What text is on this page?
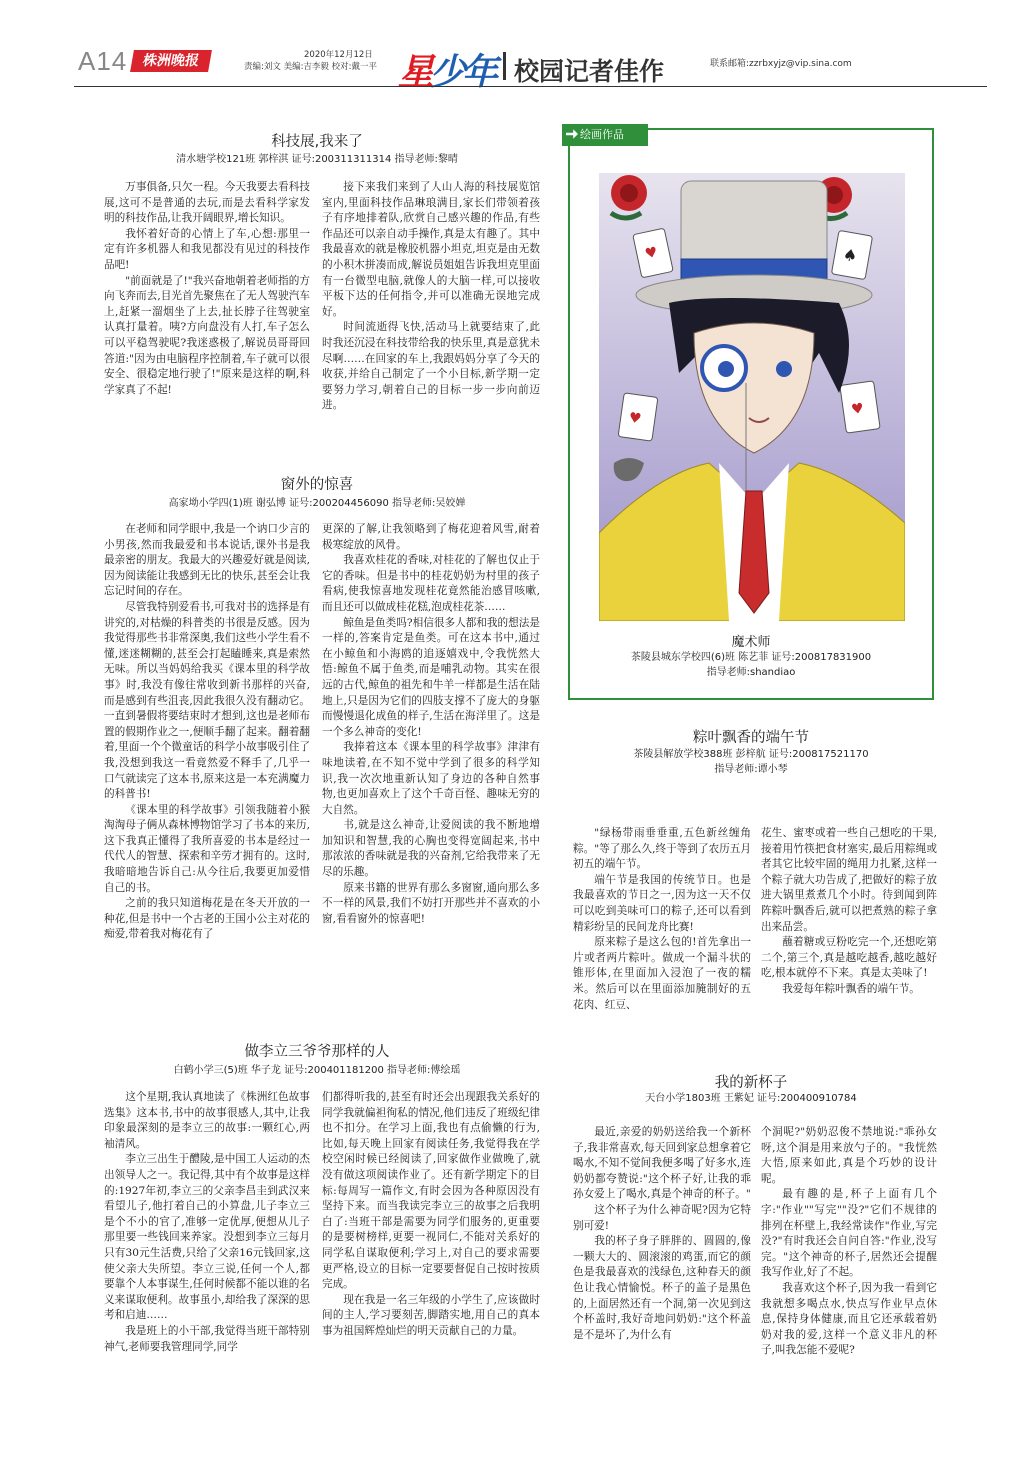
A14	株洲晚报	2020年12月12日
责编:刘文 美编:吉李毅 校对:戴一平 星少年 校园记者佳作	联系邮箱:zzrbxyjz@vip.sina.com
科技展,我来了
清水塘学校121班 郭梓淇 证号:200311311314 指导老师:黎晴

万事俱备,只欠一程。今天我要去看科技展,这可不是普通的去玩,而是去看科学家发明的科技作品,让我开阔眼界,增长知识。

我怀着好奇的心情上了车,心想:那里一定有许多机器人和我见都没有见过的科技作品吧!

"前面就是了!"我兴奋地朝着老师指的方向飞奔而去,目光首先聚焦在了无人驾驶汽车上,赶紧一溜烟坐了上去,扯长脖子往驾驶室认真打量着。咦?方向盘没有人打,车子怎么可以平稳驾驶呢?我迷惑极了,解说员哥哥回答道:"因为由电脑程序控制着,车子就可以很安全、很稳定地行驶了!"原来是这样的啊,科学家真了不起!

接下来我们来到了人山人海的科技展览馆室内,里面科技作品琳琅满目,家长们带领着孩子有序地排着队,欣赏自己感兴趣的作品,有些作品还可以亲自动手操作,真是太有趣了。其中我最喜欢的就是橡胶机器小坦克,坦克是由无数的小积木拼凑而成,解说员姐姐告诉我坦克里面有一台微型电脑,就像人的大脑一样,可以接收平板下达的任何指令,并可以准确无误地完成好。

时间流逝得飞快,活动马上就要结束了,此时我还沉浸在科技带给我的快乐里,真是意犹未尽啊……在回家的车上,我跟妈妈分享了今天的收获,并给自己制定了一个小目标,新学期一定要努力学习,朝着自己的目标一步一步向前迈进。

窗外的惊喜
高家坳小学四(1)班 谢弘博 证号:200204456090 指导老师:吴姣婵

在老师和同学眼中,我是一个讷口少言的小男孩,然而我最爱和书本说话,课外书是我最亲密的朋友。我最大的兴趣爱好就是阅读,因为阅读能让我感到无比的快乐,甚至会让我忘记时间的存在。

尽管我特别爱看书,可我对书的选择是有讲究的,对枯燥的科普类的书很是反感。因为我觉得那些书非常深奥,我们这些小学生看不懂,迷迷糊糊的,甚至会打起瞌睡来,真是索然无味。所以当妈妈给我买《课本里的科学故事》时,我没有像往常收到新书那样的兴奋,而是感到有些沮丧,因此我很久没有翻动它。一直到暑假将要结束时才想到,这也是老师布置的假期作业之一,便顺手翻了起来。翻着翻着,里面一个个微童话的科学小故事吸引住了我,没想到我这一看竟然爱不释手了,几乎一口气就读完了这本书,原来这是一本充满魔力的科普书!

《课本里的科学故事》引领我随着小猴淘淘母子俩从森林博物馆学习了书本的来历,这下我真正懂得了我所喜爱的书本是经过一代代人的智慧、探索和辛劳才拥有的。这时,我暗暗地告诉自己:从今往后,我要更加爱惜自己的书。

之前的我只知道梅花是在冬天开放的一种花,但是书中一个古老的王国小公主对花的痴爱,带着我对梅花有了

更深的了解,让我领略到了梅花迎着风雪,耐着极寒绽放的风骨。

我喜欢桂花的香味,对桂花的了解也仅止于它的香味。但是书中的桂花奶奶为村里的孩子看病,使我惊喜地发现桂花竟然能治感冒咳嗽,而且还可以做成桂花糕,泡成桂花茶……

鲸鱼是鱼类吗?相信很多人都和我的想法是一样的,答案肯定是鱼类。可在这本书中,通过在小鲸鱼和小海鸥的追逐嬉戏中,令我恍然大悟:鲸鱼不属于鱼类,而是哺乳动物。其实在很远的古代,鲸鱼的祖先和牛羊一样都是生活在陆地上,只是因为它们的四肢支撑不了庞大的身躯而慢慢退化成鱼的样子,生活在海洋里了。这是一个多么神奇的变化!

我捧着这本《课本里的科学故事》津津有味地读着,在不知不觉中学到了很多的科学知识,我一次次地重新认知了身边的各种自然事物,也更加喜欢上了这个千奇百怪、趣味无穷的大自然。

书,就是这么神奇,让爱阅读的我不断地增加知识和智慧,我的心胸也变得宽阔起来,书中那浓浓的香味就是我的兴奋剂,它给我带来了无尽的乐趣。

原来书籍的世界有那么多窗窗,通向那么多不一样的风景,我们不妨打开那些并不喜欢的小窗,看看窗外的惊喜吧!

做李立三爷爷那样的人
白鹤小学三(5)班 华子龙 证号:200401181200 指导老师:傅绘瑶

这个星期,我认真地读了《株洲红色故事选集》这本书,书中的故事很感人,其中,让我印象最深刻的是李立三的故事:一颗红心,两袖清风。

李立三出生于醴陵,是中国工人运动的杰出领导人之一。我记得,其中有个故事是这样的:1927年初,李立三的父亲李昌圭到武汉来看望儿子,他打着自己的小算盘,儿子李立三是个不小的官了,准够一定优厚,便想从儿子那里要一些钱回来养家。没想到李立三每月只有30元生活费,只给了父亲16元钱回家,这使父亲大失所望。李立三说,任何一个人,都要靠个人本事谋生,任何时候都不能以谁的名义来谋取便利。故事虽小,却给我了深深的思考和启迪……

我是班上的小干部,我觉得当班干部特别神气,老师要我管理同学,同学

们都得听我的,甚至有时还会出现跟我关系好的同学我就偏袒徇私的情况,他们违反了班级纪律也不扣分。在学习上面,我也有点偷懒的行为,比如,每天晚上回家有阅读任务,我觉得我在学校空闲时候已经阅读了,回家做作业做晚了,就没有做这项阅读作业了。还有新学期定下的目标:每周写一篇作文,有时会因为各种原因没有坚持下来。而当我读完李立三的故事之后我明白了:当班干部是需要为同学们服务的,更重要的是要树榜样,更要一视同仁,不能对关系好的同学私自谋取便利;学习上,对自己的要求需要更严格,设立的目标一定要要督促自己按时按质完成。

现在我是一名三年级的小学生了,应该做时间的主人,学习要刻苦,脚踏实地,用自己的真本事为祖国辉煌灿烂的明天贡献自己的力量。

绘画作品
♥	♠
♥
♥
魔术师
茶陵县城东学校四(6)班 陈艺菲 证号:200817831900
指导老师:shandiao
粽叶飘香的端午节
茶陵县解放学校388班 彭梓航 证号:200817521170
指导老师:谭小琴

"绿杨带雨垂垂重,五色新丝缠角粽。"等了那么久,终于等到了农历五月初五的端午节。

端午节是我国的传统节日。也是我最喜欢的节日之一,因为这一天不仅可以吃到美味可口的粽子,还可以看到精彩纷呈的民间龙舟比赛!

原来粽子是这么包的!首先拿出一片或者两片粽叶。做成一个漏斗状的锥形体,在里面加入浸泡了一夜的糯米。然后可以在里面添加腌制好的五花肉、红豆、

花生、蜜枣或着一些自己想吃的干果,接着用竹筷把食材塞实,最后用粽绳或者其它比较牢固的绳用力扎紧,这样一个粽子就大功告成了,把做好的粽子放进大锅里煮煮几个小时。待到闻到阵阵粽叶飘香后,就可以把煮熟的粽子拿出来品尝。

蘸着糖或豆粉吃完一个,还想吃第二个,第三个,真是越吃越香,越吃越好吃,根本就停不下来。真是太美味了!

我爱每年粽叶飘香的端午节。

我的新杯子
天台小学1803班 王紫妃 证号:200400910784

最近,亲爱的奶奶送给我一个新杯子,我非常喜欢,每天回到家总想拿着它喝水,不知不觉间我便多喝了好多水,连奶奶都夸赞说:"这个杯子好,让我的乖孙女爱上了喝水,真是个神奇的杯子。"

这个杯子为什么神奇呢?因为它特别可爱!

我的杯子身子胖胖的、圆圆的,像一颗大大的、圆滚滚的鸡蛋,而它的颜色是我最喜欢的浅绿色,这种春天的颜色让我心情愉悦。杯子的盖子是黑色的,上面居然还有一个洞,第一次见到这个杯盖时,我好奇地问奶奶:"这个杯盖是不是坏了,为什么有

个洞呢?"奶奶忍俊不禁地说:"乖孙女呀,这个洞是用来放勺子的。"我恍然大悟,原来如此,真是个巧妙的设计呢。

最有趣的是,杯子上面有几个字:"作业""写完""没?"它们不规律的排列在杯壁上,我经常读作"作业,写完没?"有时我还会自问自答:"作业,没写完。"这个神奇的杯子,居然还会提醒我写作业,好了不起。

我喜欢这个杯子,因为我一看到它我就想多喝点水,快点写作业早点休息,保持身体健康,而且它还承载着奶奶对我的爱,这样一个意义非凡的杯子,叫我怎能不爱呢?
